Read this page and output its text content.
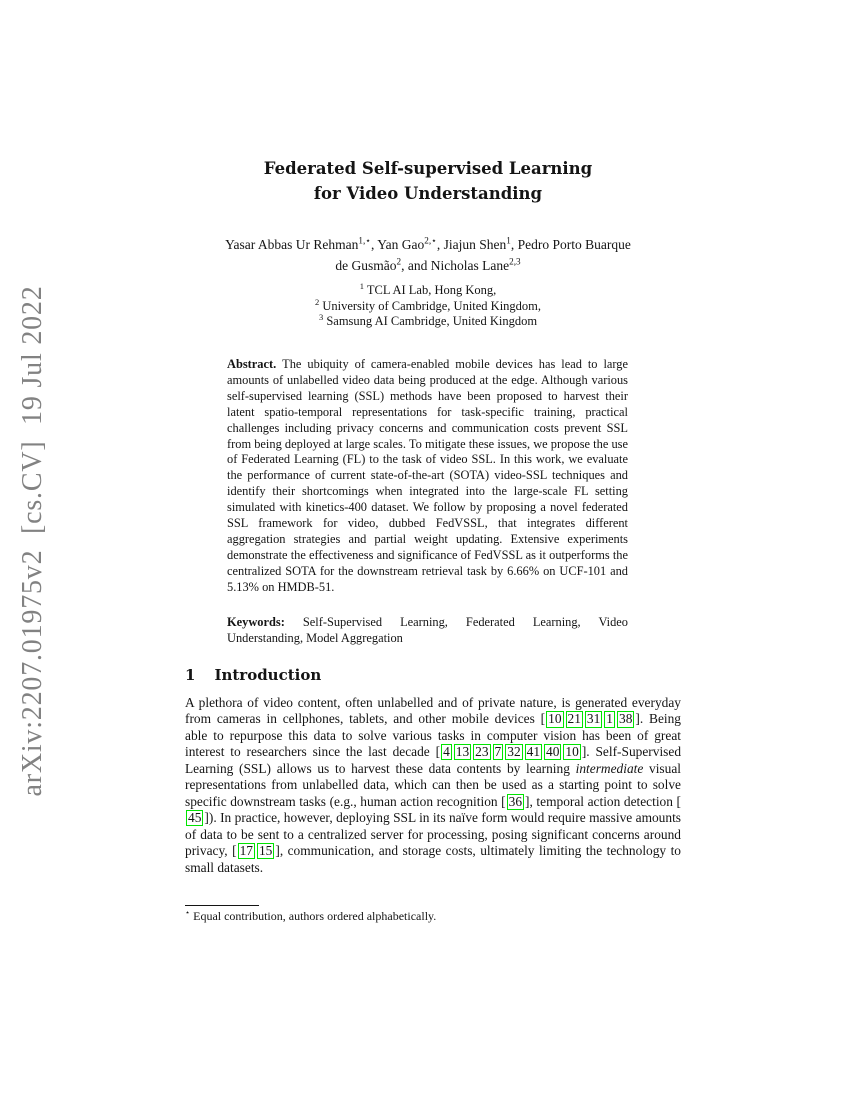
arXiv:2207.01975v2  [cs.CV]  19 Jul 2022
Federated Self-supervised Learning
for Video Understanding
Yasar Abbas Ur Rehman$^{1,⋆}$, Yan Gao$^{2,⋆}$, Jiajun Shen$^1$, Pedro Porto Buarque
de Gusmão$^2$, and Nicholas Lane$^{2,3}$
$^1$ TCL AI Lab, Hong Kong,
$^2$ University of Cambridge, United Kingdom,
$^3$ Samsung AI Cambridge, United Kingdom
Abstract. The ubiquity of camera-enabled mobile devices has lead to large amounts of unlabelled video data being produced at the edge. Although various self-supervised learning (SSL) methods have been proposed to harvest their latent spatio-temporal representations for task-specific training, practical challenges including privacy concerns and communication costs prevent SSL from being deployed at large scales. To mitigate these issues, we propose the use of Federated Learning (FL) to the task of video SSL. In this work, we evaluate the performance of current state-of-the-art (SOTA) video-SSL techniques and identify their shortcomings when integrated into the large-scale FL setting simulated with kinetics-400 dataset. We follow by proposing a novel federated SSL framework for video, dubbed FedVSSL, that integrates different aggregation strategies and partial weight updating. Extensive experiments demonstrate the effectiveness and significance of FedVSSL as it outperforms the centralized SOTA for the downstream retrieval task by 6.66% on UCF-101 and 5.13% on HMDB-51.
Keywords: Self-Supervised Learning, Federated Learning, Video Understanding, Model Aggregation
1 Introduction
A plethora of video content, often unlabelled and of private nature, is generated everyday from cameras in cellphones, tablets, and other mobile devices [ 10 21 31 1 38 ]. Being able to repurpose this data to solve various tasks in computer vision has been of great interest to researchers since the last decade [ 4 13 23 7 32 41 40 10 ]. Self-Supervised Learning (SSL) allows us to harvest these data contents by learning intermediate visual representations from unlabelled data, which can then be used as a starting point to solve specific downstream tasks (e.g., human action recognition [ 36 ], temporal action detection [45 ]). In practice, however, deploying SSL in its naïve form would require massive amounts of data to be sent to a centralized server for processing, posing significant concerns around privacy, [ 17 15 ], communication, and storage costs, ultimately limiting the technology to small datasets.
⋆ Equal contribution, authors ordered alphabetically.
